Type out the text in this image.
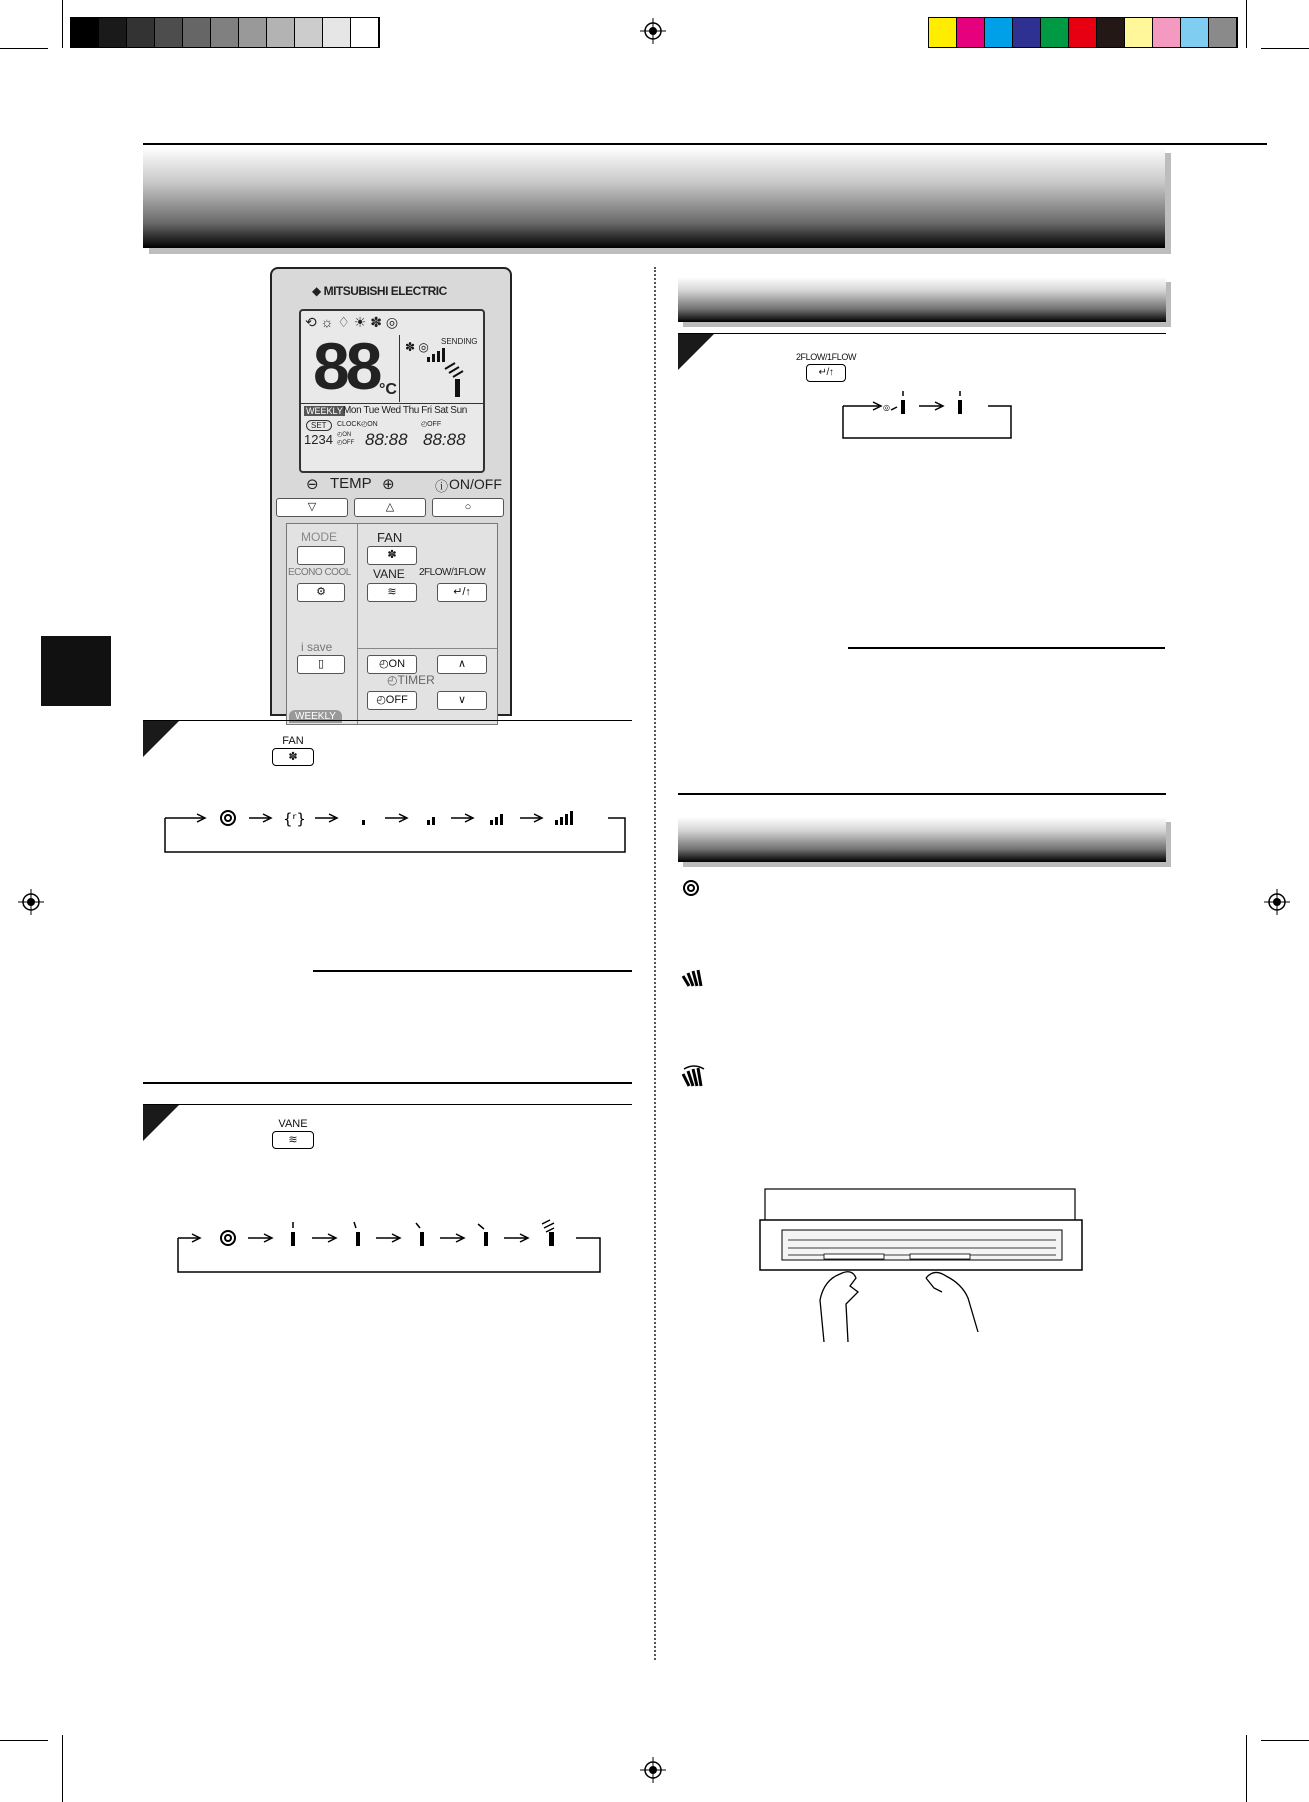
◆ MITSUBISHI ELECTRIC
⟲ ☼ ♢ ☀ ✽ ◎
SENDING
88 °C
✽ ◎
WEEKLY Mon Tue Wed Thu Fri Sat Sun
SET	CLOCK◴ON	◴OFF
1234 ◴ON ◴OFF 88:88 88:88
⊖ TEMP ⊕	ⓘ ON/OFF
▽	△	○
MODE	FAN
✽
ECONO COOL
⚙
VANE
≋
2FLOW/1FLOW
↵/↑
i save
▯	◴ON	∧
◴TIMER
◴OFF	∨
WEEKLY
FAN
✽
{ʳ}
VANE
≋
2FLOW/1FLOW
↵/↑
◎
